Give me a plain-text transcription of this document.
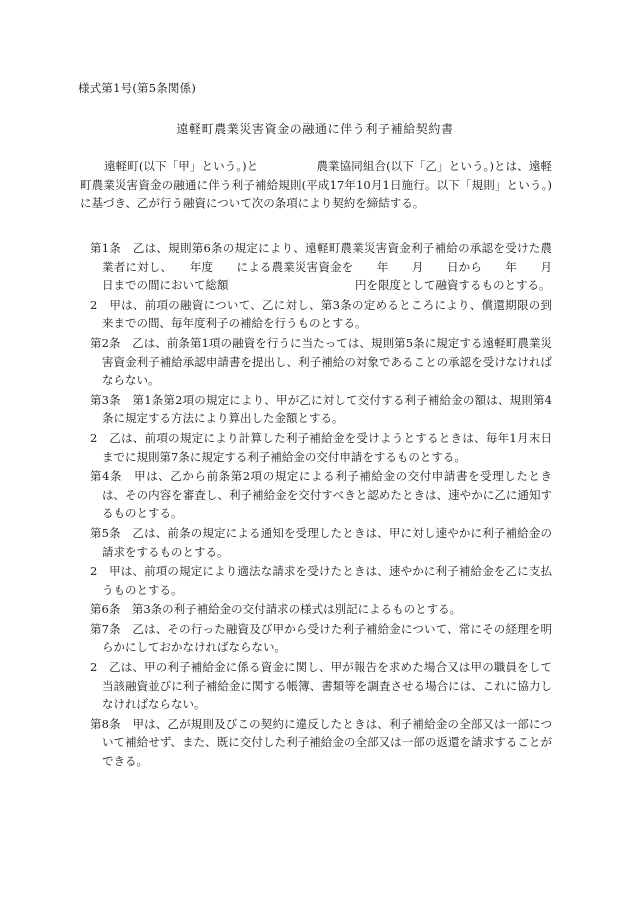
様式第1号(第5条関係)
遠軽町農業災害資金の融通に伴う利子補給契約書

遠軽町(以下「甲」という。)と　　　　　農業協同組合(以下「乙」という。)とは、遠軽町農業災害資金の融通に伴う利子補給規則(平成17年10月1日施行。以下「規則」という。)に基づき、乙が行う融資について次の条項により契約を締結する。

第1条　乙は、規則第6条の規定により、遠軽町農業災害資金利子補給の承認を受けた農業者に対し、　　年度　　による農業災害資金を　　年　　月　　日から　　年　　月　　日までの間において総額　　　　　　　　　　　円を限度として融資するものとする。
2　甲は、前項の融資について、乙に対し、第3条の定めるところにより、償還期限の到来までの間、毎年度利子の補給を行うものとする。
第2条　乙は、前条第1項の融資を行うに当たっては、規則第5条に規定する遠軽町農業災害資金利子補給承認申請書を提出し、利子補給の対象であることの承認を受けなければならない。
第3条　第1条第2項の規定により、甲が乙に対して交付する利子補給金の額は、規則第4条に規定する方法により算出した金額とする。
2　乙は、前項の規定により計算した利子補給金を受けようとするときは、毎年1月末日までに規則第7条に規定する利子補給金の交付申請をするものとする。
第4条　甲は、乙から前条第2項の規定による利子補給金の交付申請書を受理したときは、その内容を審査し、利子補給金を交付すべきと認めたときは、速やかに乙に通知するものとする。
第5条　乙は、前条の規定による通知を受理したときは、甲に対し速やかに利子補給金の請求をするものとする。
2　甲は、前項の規定により適法な請求を受けたときは、速やかに利子補給金を乙に支払うものとする。
第6条　第3条の利子補給金の交付請求の様式は別記によるものとする。
第7条　乙は、その行った融資及び甲から受けた利子補給金について、常にその経理を明らかにしておかなければならない。
2　乙は、甲の利子補給金に係る資金に関し、甲が報告を求めた場合又は甲の職員をして当該融資並びに利子補給金に関する帳簿、書類等を調査させる場合には、これに協力しなければならない。
第8条　甲は、乙が規則及びこの契約に違反したときは、利子補給金の全部又は一部について補給せず、また、既に交付した利子補給金の全部又は一部の返還を請求することができる。
